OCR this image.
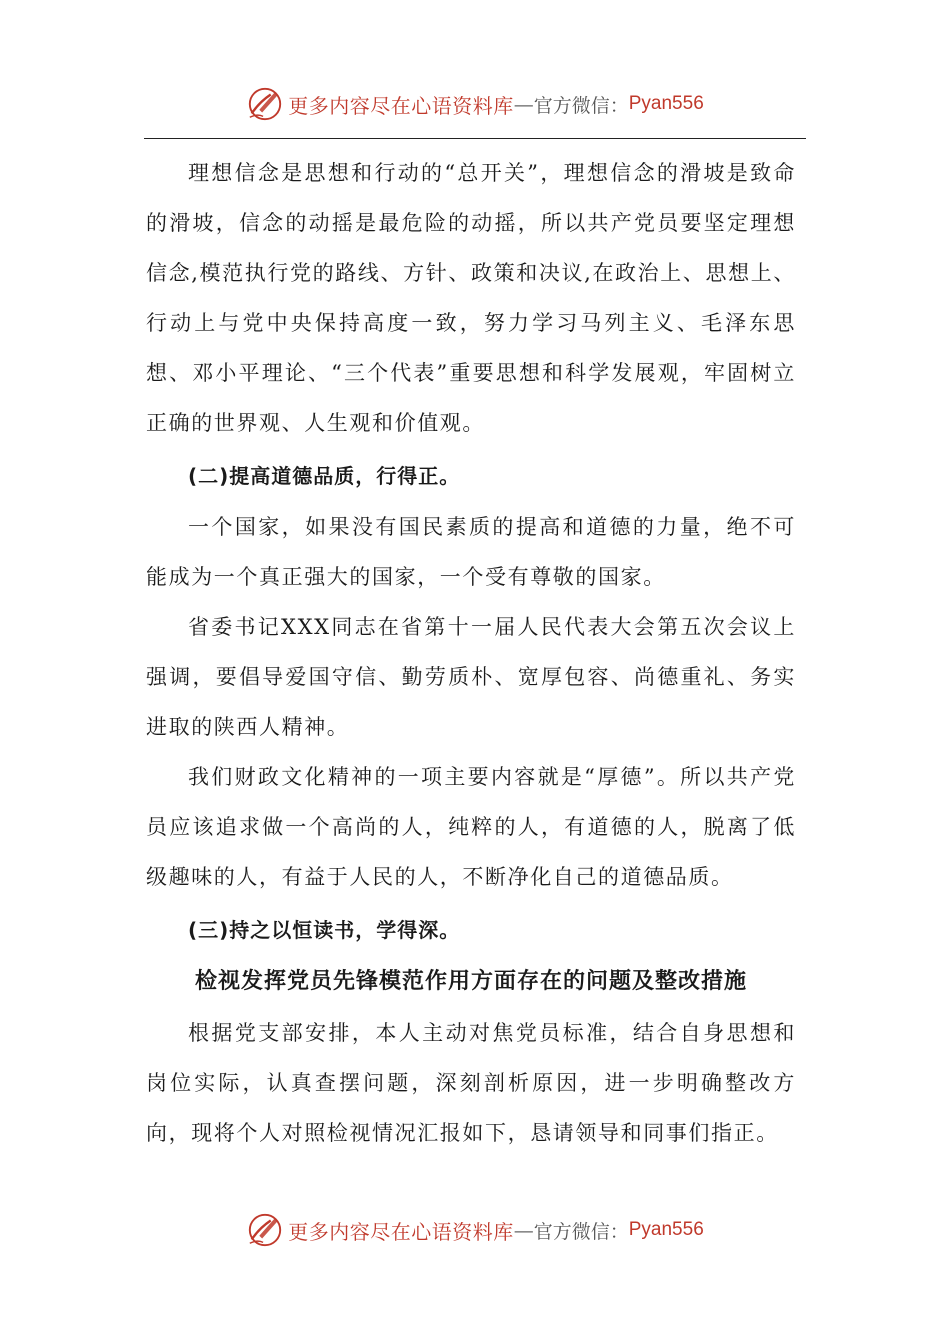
更多内容尽在心语资料库 — 官方微信： Pyan556

理想信念是思想和行动的“总开关”，理想信念的滑坡是致命的滑坡，信念的动摇是最危险的动摇，所以共产党员要坚定理想信念,模范执行党的路线、方针、政策和决议,在政治上、思想上、行动上与党中央保持高度一致，努力学习马列主义、毛泽东思想、邓小平理论、“三个代表”重要思想和科学发展观，牢固树立正确的世界观、人生观和价值观。

(二)提高道德品质，行得正。

一个国家，如果没有国民素质的提高和道德的力量，绝不可能成为一个真正强大的国家，一个受有尊敬的国家。

省委书记XXX同志在省第十一届人民代表大会第五次会议上强调，要倡导爱国守信、勤劳质朴、宽厚包容、尚德重礼、务实进取的陕西人精神。

我们财政文化精神的一项主要内容就是“厚德”。所以共产党员应该追求做一个高尚的人，纯粹的人，有道德的人，脱离了低级趣味的人，有益于人民的人，不断净化自己的道德品质。

(三)持之以恒读书，学得深。

检视发挥党员先锋模范作用方面存在的问题及整改措施

根据党支部安排，本人主动对焦党员标准，结合自身思想和岗位实际，认真查摆问题，深刻剖析原因，进一步明确整改方向，现将个人对照检视情况汇报如下，恳请领导和同事们指正。

更多内容尽在心语资料库 — 官方微信： Pyan556
